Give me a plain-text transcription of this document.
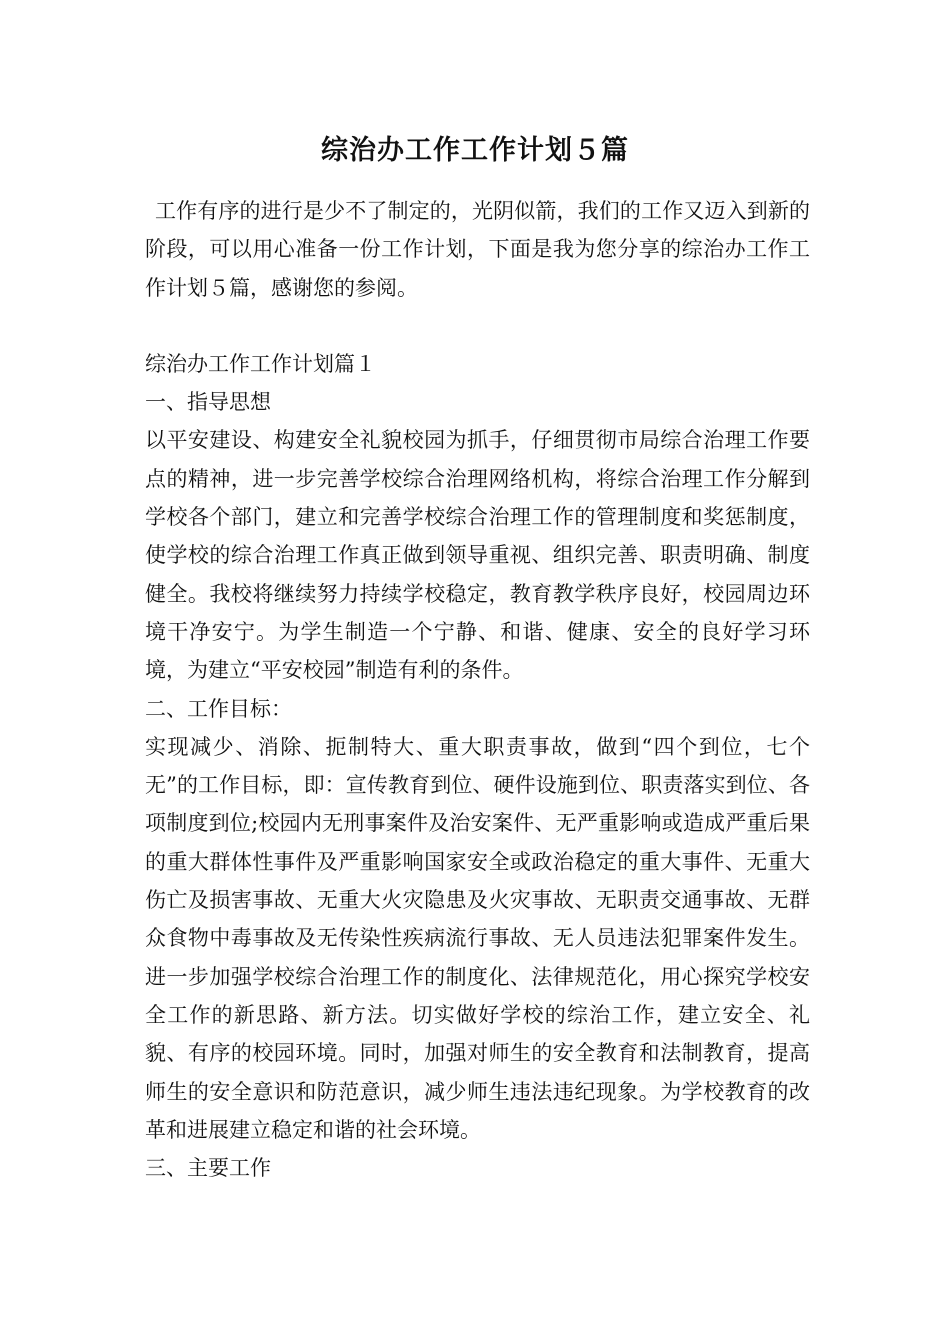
综治办工作工作计划５篇

工作有序的进行是少不了制定的，光阴似箭，我们的工作又迈入到新的阶段，可以用心准备一份工作计划，下面是我为您分享的综治办工作工作计划５篇，感谢您的参阅。

综治办工作工作计划篇１

一、指导思想

以平安建设、构建安全礼貌校园为抓手，仔细贯彻市局综合治理工作要点的精神，进一步完善学校综合治理网络机构，将综合治理工作分解到学校各个部门，建立和完善学校综合治理工作的管理制度和奖惩制度，使学校的综合治理工作真正做到领导重视、组织完善、职责明确、制度健全。我校将继续努力持续学校稳定，教育教学秩序良好，校园周边环境干净安宁。为学生制造一个宁静、和谐、健康、安全的良好学习环境，为建立“平安校园”制造有利的条件。

二、工作目标：

实现减少、消除、扼制特大、重大职责事故，做到“四个到位，七个无”的工作目标，即：宣传教育到位、硬件设施到位、职责落实到位、各项制度到位;校园内无刑事案件及治安案件、无严重影响或造成严重后果的重大群体性事件及严重影响国家安全或政治稳定的重大事件、无重大伤亡及损害事故、无重大火灾隐患及火灾事故、无职责交通事故、无群众食物中毒事故及无传染性疾病流行事故、无人员违法犯罪案件发生。进一步加强学校综合治理工作的制度化、法律规范化，用心探究学校安全工作的新思路、新方法。切实做好学校的综治工作，建立安全、礼貌、有序的校园环境。同时，加强对师生的安全教育和法制教育，提高师生的安全意识和防范意识，减少师生违法违纪现象。为学校教育的改革和进展建立稳定和谐的社会环境。

三、主要工作
